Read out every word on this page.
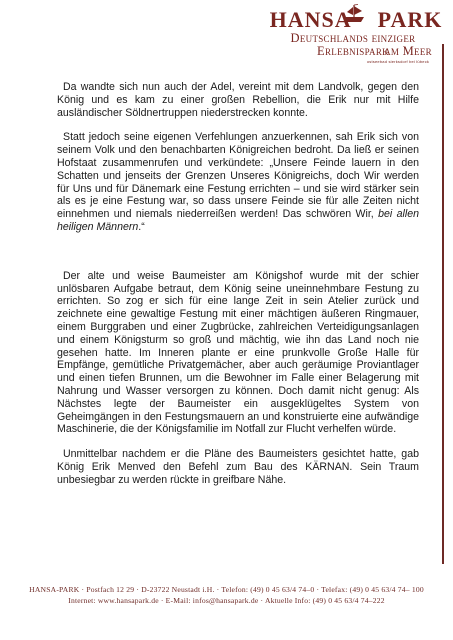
HANSA PARK
Deutschlands einziger Erlebnispark
am Meer
ostseebad sierksdorf bei lübeck

Da wandte sich nun auch der Adel, vereint mit dem Landvolk, gegen den König und es kam zu einer großen Rebellion, die Erik nur mit Hilfe ausländischer Söldnertruppen niederstrecken konnte.

Statt jedoch seine eigenen Verfehlungen anzuerkennen, sah Erik sich von seinem Volk und den benachbarten Königreichen bedroht. Da ließ er seinen Hofstaat zusammenrufen und verkündete: „Unsere Feinde lauern in den Schatten und jenseits der Grenzen Unseres Königreichs, doch Wir werden für Uns und für Dänemark eine Festung errichten – und sie wird stärker sein als es je eine Festung war, so dass unsere Feinde sie für alle Zeiten nicht einnehmen und niemals niederreißen werden! Das schwören Wir, bei allen heiligen Männern.“

Der alte und weise Baumeister am Königshof wurde mit der schier unlösbaren Aufgabe betraut, dem König seine uneinnehmbare Festung zu errichten. So zog er sich für eine lange Zeit in sein Atelier zurück und zeichnete eine gewaltige Festung mit einer mächtigen äußeren Ringmauer, einem Burggraben und einer Zugbrücke, zahlreichen Verteidigungsanlagen und einem Königsturm so groß und mächtig, wie ihn das Land noch nie gesehen hatte. Im Inneren plante er eine prunkvolle Große Halle für Empfänge, gemütliche Privatgemächer, aber auch geräumige Proviantlager und einen tiefen Brunnen, um die Bewohner im Falle einer Belagerung mit Nahrung und Wasser versorgen zu können. Doch damit nicht genug: Als Nächstes legte der Baumeister ein ausgeklügeltes System von Geheimgängen in den Festungsmauern an und konstruierte eine aufwändige Maschinerie, die der Königsfamilie im Notfall zur Flucht verhelfen würde.

Unmittelbar nachdem er die Pläne des Baumeisters gesichtet hatte, gab König Erik Menved den Befehl zum Bau des KÄRNAN. Sein Traum unbesiegbar zu werden rückte in greifbare Nähe.

HANSA-PARK · Postfach 12 29 · D-23722 Neustadt i.H. · Telefon: (49) 0 45 63/4 74–0 · Telefax: (49) 0 45 63/4 74– 100
Internet: www.hansapark.de · E-Mail: infos@hansapark.de · Aktuelle Info: (49) 0 45 63/4 74–222
